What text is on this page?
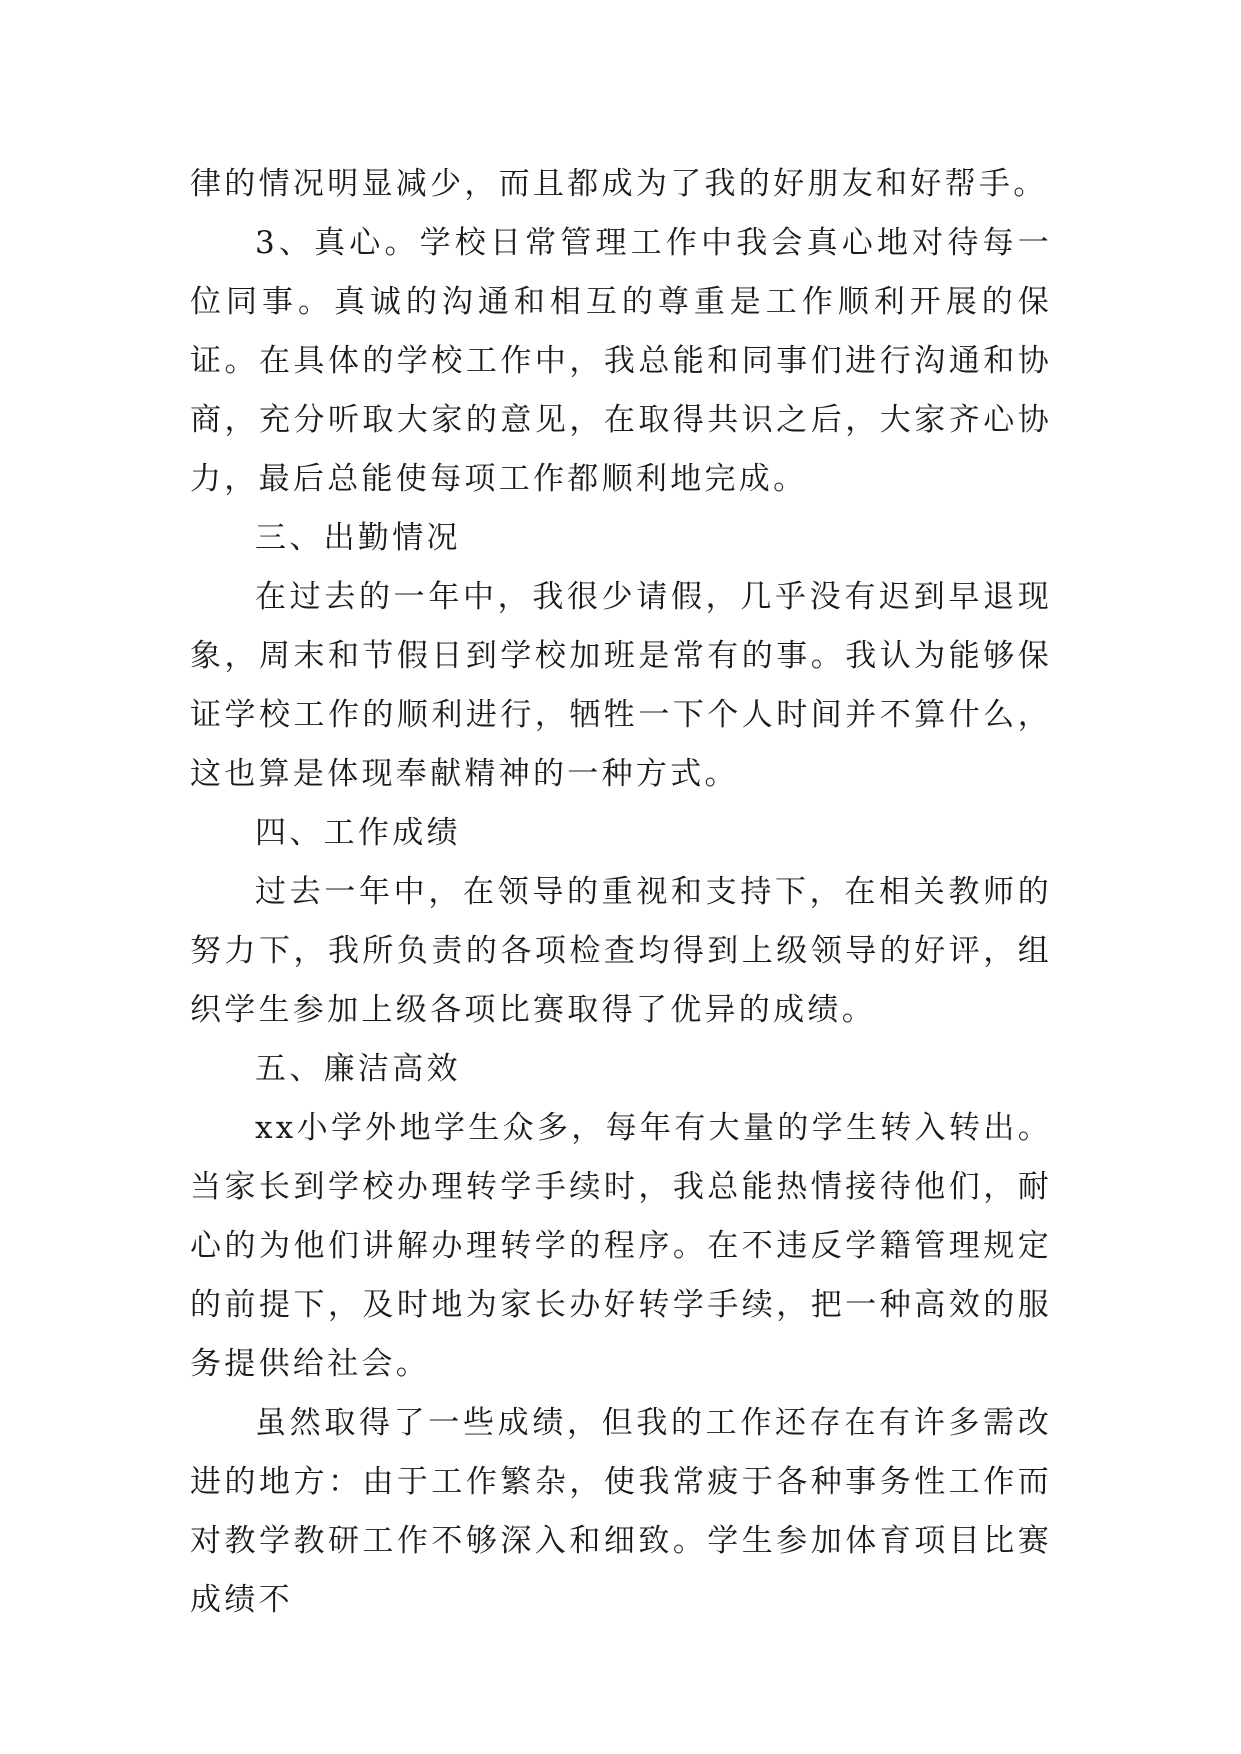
律的情况明显减少，而且都成为了我的好朋友和好帮手。

3、真心。学校日常管理工作中我会真心地对待每一位同事。真诚的沟通和相互的尊重是工作顺利开展的保证。在具体的学校工作中，我总能和同事们进行沟通和协商，充分听取大家的意见，在取得共识之后，大家齐心协力，最后总能使每项工作都顺利地完成。

三、出勤情况

在过去的一年中，我很少请假，几乎没有迟到早退现象，周末和节假日到学校加班是常有的事。我认为能够保证学校工作的顺利进行，牺牲一下个人时间并不算什么，这也算是体现奉献精神的一种方式。

四、工作成绩

过去一年中，在领导的重视和支持下，在相关教师的努力下，我所负责的各项检查均得到上级领导的好评，组织学生参加上级各项比赛取得了优异的成绩。

五、廉洁高效

xx小学外地学生众多，每年有大量的学生转入转出。当家长到学校办理转学手续时，我总能热情接待他们，耐心的为他们讲解办理转学的程序。在不违反学籍管理规定的前提下，及时地为家长办好转学手续，把一种高效的服务提供给社会。

虽然取得了一些成绩，但我的工作还存在有许多需改进的地方：由于工作繁杂，使我常疲于各种事务性工作而对教学教研工作不够深入和细致。学生参加体育项目比赛成绩不
